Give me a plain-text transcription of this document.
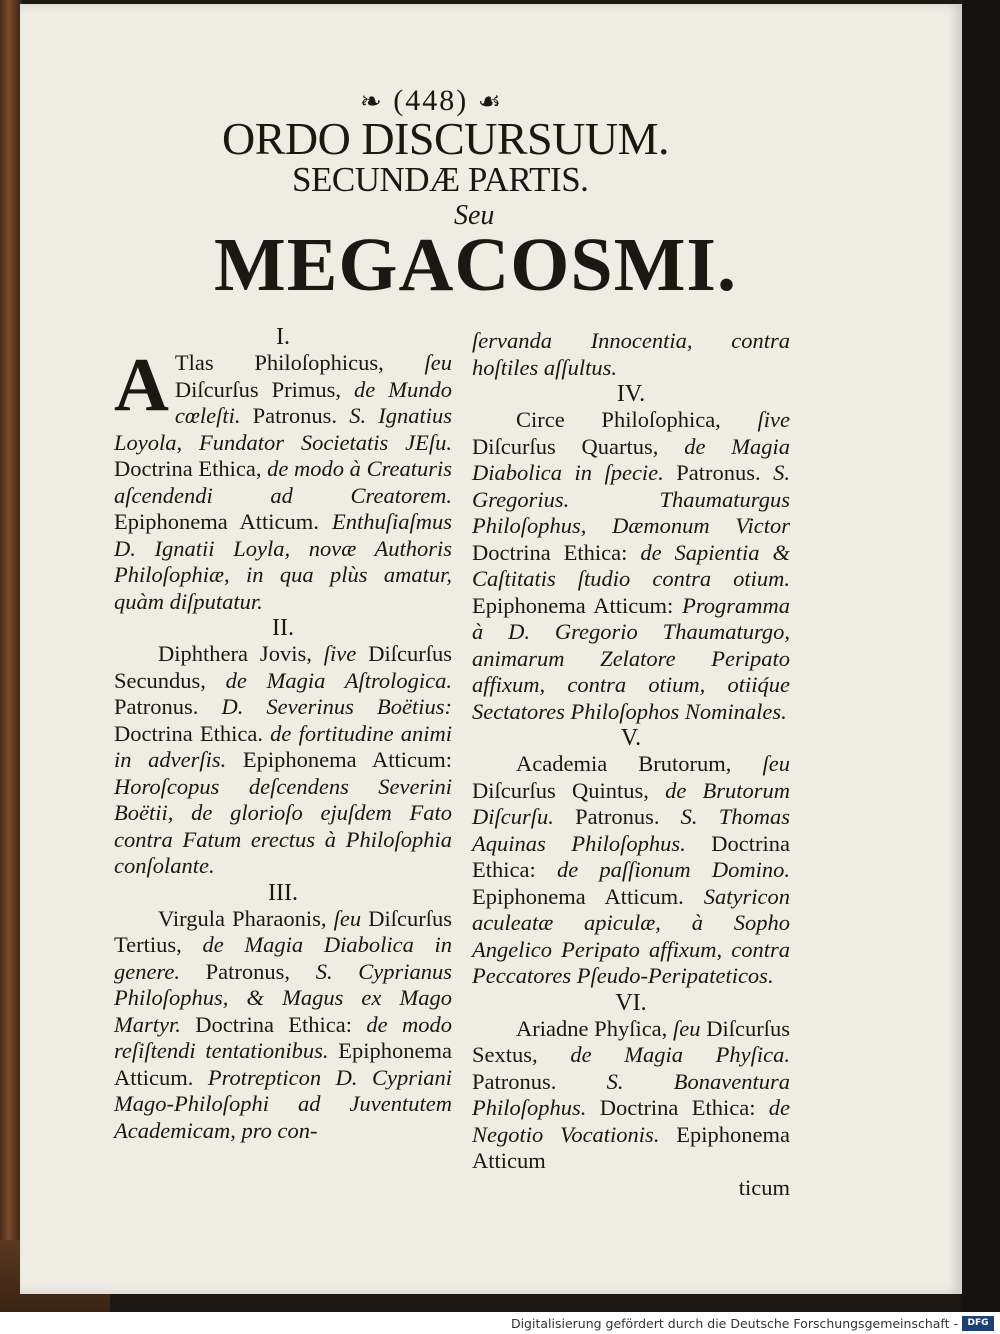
❧ (448) ☙
ORDO DISCURSUUM.
SECUNDÆ PARTIS.
Seu
MEGACOSMI.
I.

A Tlas Philoſophicus, ſeu Diſcurſus Primus, de Mundo cœleſti. Patronus. S. Ignatius Loyola, Fundator Societatis JEſu. Doctrina Ethica, de modo à Creaturis aſcendendi ad Creatorem. Epiphonema Atticum. Enthuſiaſmus D. Ignatii Loyla, novæ Authoris Philoſophiæ, in qua plùs amatur, quàm diſputatur.

II.

Diphthera Jovis, ſive Diſcurſus Secundus, de Magia Aſtrologica. Patronus. D. Severinus Boëtius: Doctrina Ethica. de fortitudine animi in adverſis. Epiphonema Atticum: Horoſcopus deſcendens Severini Boëtii, de glorioſo ejuſdem Fato contra Fatum erectus à Philoſophia conſolante.

III.

Virgula Pharaonis, ſeu Diſcurſus Tertius, de Magia Diabolica in genere. Patronus, S. Cyprianus Philoſophus, & Magus ex Mago Martyr. Doctrina Ethica: de modo reſiſtendi tentationibus. Epiphonema Atticum. Protrepticon D. Cypriani Mago-Philoſophi ad Juventutem Academicam, pro con-

ſervanda Innocentia, contra hoſtiles aſſultus.

IV.

Circe Philoſophica, ſive Diſcurſus Quartus, de Magia Diabolica in ſpecie. Patronus. S. Gregorius. Thaumaturgus Philoſophus, Dæmonum Victor Doctrina Ethica: de Sapientia & Caſtitatis ſtudio contra otium. Epiphonema Atticum: Programma à D. Gregorio Thaumaturgo, animarum Zelatore Peripato affixum, contra otium, otiiq́ue Sectatores Philoſophos Nominales.

V.

Academia Brutorum, ſeu Diſcurſus Quintus, de Brutorum Diſcurſu. Patronus. S. Thomas Aquinas Philoſophus. Doctrina Ethica: de paſſionum Domino. Epiphonema Atticum. Satyricon aculeatæ apiculæ, à Sopho Angelico Peripato affixum, contra Peccatores Pſeudo-Peripateticos.

VI.

Ariadne Phyſica, ſeu Diſcurſus Sextus, de Magia Phyſica. Patronus. S. Bonaventura Philoſophus. Doctrina Ethica: de Negotio Vocationis. Epiphonema Atticum

ticum
Digitalisierung gefördert durch die Deutsche Forschungsgemeinschaft -	DFG
